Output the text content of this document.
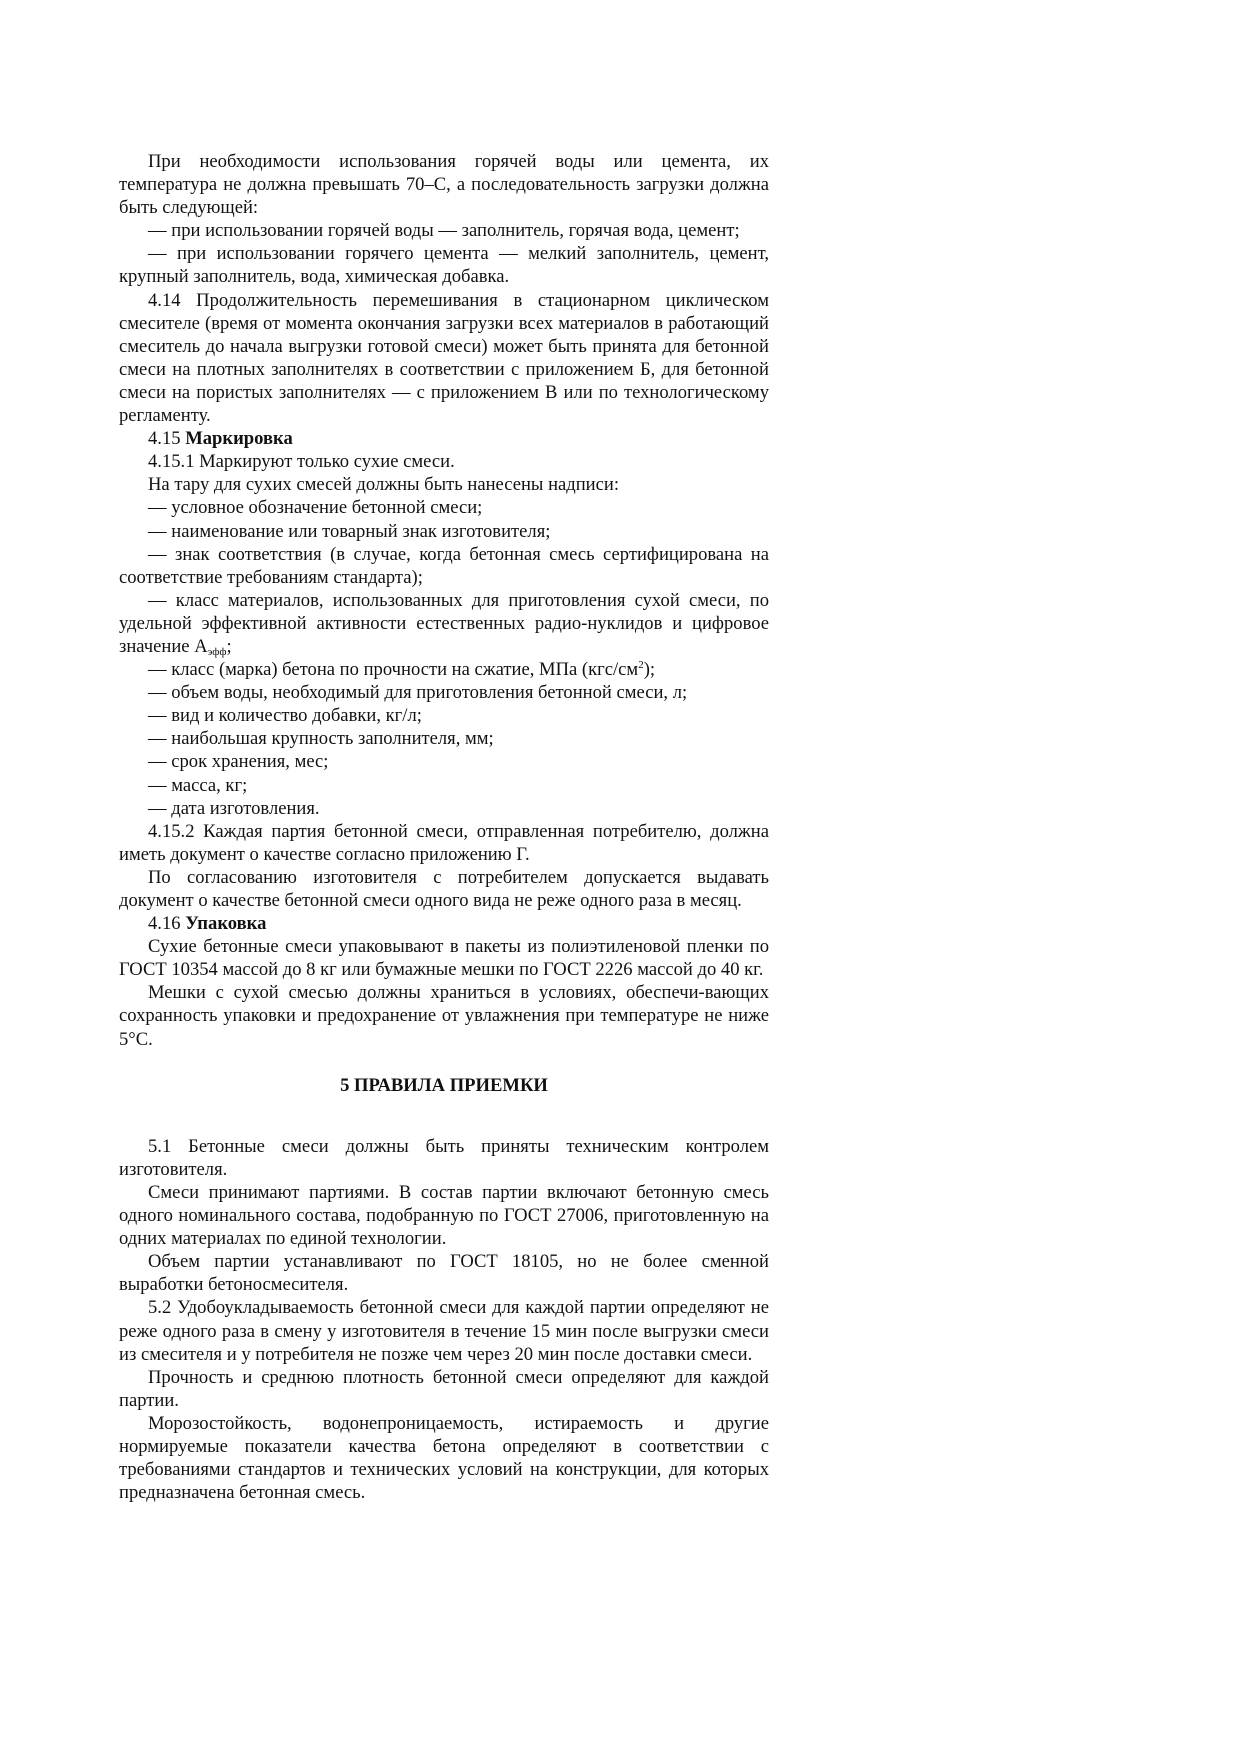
При необходимости использования горячей воды или цемента, их температура не должна превышать 70–С, а последовательность загрузки должна быть следующей:

— при использовании горячей воды — заполнитель, горячая вода, цемент;

— при использовании горячего цемента — мелкий заполнитель, цемент, крупный заполнитель, вода, химическая добавка.

4.14 Продолжительность перемешивания в стационарном циклическом смесителе (время от момента окончания загрузки всех материалов в работающий смеситель до начала выгрузки готовой смеси) может быть принята для бетонной смеси на плотных заполнителях в соответствии с приложением Б, для бетонной смеси на пористых заполнителях — с приложением В или по технологическому регламенту.

4.15 Маркировка

4.15.1 Маркируют только сухие смеси.

На тару для сухих смесей должны быть нанесены надписи:

— условное обозначение бетонной смеси;

— наименование или товарный знак изготовителя;

— знак соответствия (в случае, когда бетонная смесь сертифицирована на соответствие требованиям стандарта);

— класс материалов, использованных для приготовления сухой смеси, по удельной эффективной активности естественных радио-нуклидов и цифровое значение $А_{эфф}$;

— класс (марка) бетона по прочности на сжатие, МПа $(кгс/см^2)$;

— объем воды, необходимый для приготовления бетонной смеси, л;

— вид и количество добавки, кг/л;

— наибольшая крупность заполнителя, мм;

— срок хранения, мес;

— масса, кг;

— дата изготовления.

4.15.2 Каждая партия бетонной смеси, отправленная потребителю, должна иметь документ о качестве согласно приложению Г.

По согласованию изготовителя с потребителем допускается выдавать документ о качестве бетонной смеси одного вида не реже одного раза в месяц.

4.16 Упаковка

Сухие бетонные смеси упаковывают в пакеты из полиэтиленовой пленки по ГОСТ 10354 массой до 8 кг или бумажные мешки по ГОСТ 2226 массой до 40 кг.

Мешки с сухой смесью должны храниться в условиях, обеспечи-вающих сохранность упаковки и предохранение от увлажнения при температуре не ниже 5°С.

5 ПРАВИЛА ПРИЕМКИ

5.1 Бетонные смеси должны быть приняты техническим контролем изготовителя.

Смеси принимают партиями. В состав партии включают бетонную смесь одного номинального состава, подобранную по ГОСТ 27006, приготовленную на одних материалах по единой технологии.

Объем партии устанавливают по ГОСТ 18105, но не более сменной выработки бетоносмесителя.

5.2 Удобоукладываемость бетонной смеси для каждой партии определяют не реже одного раза в смену у изготовителя в течение 15 мин после выгрузки смеси из смесителя и у потребителя не позже чем через 20 мин после доставки смеси.

Прочность и среднюю плотность бетонной смеси определяют для каждой партии.

Морозостойкость, водонепроницаемость, истираемость и другие нормируемые показатели качества бетона определяют в соответствии с требованиями стандартов и технических условий на конструкции, для которых предназначена бетонная смесь.
